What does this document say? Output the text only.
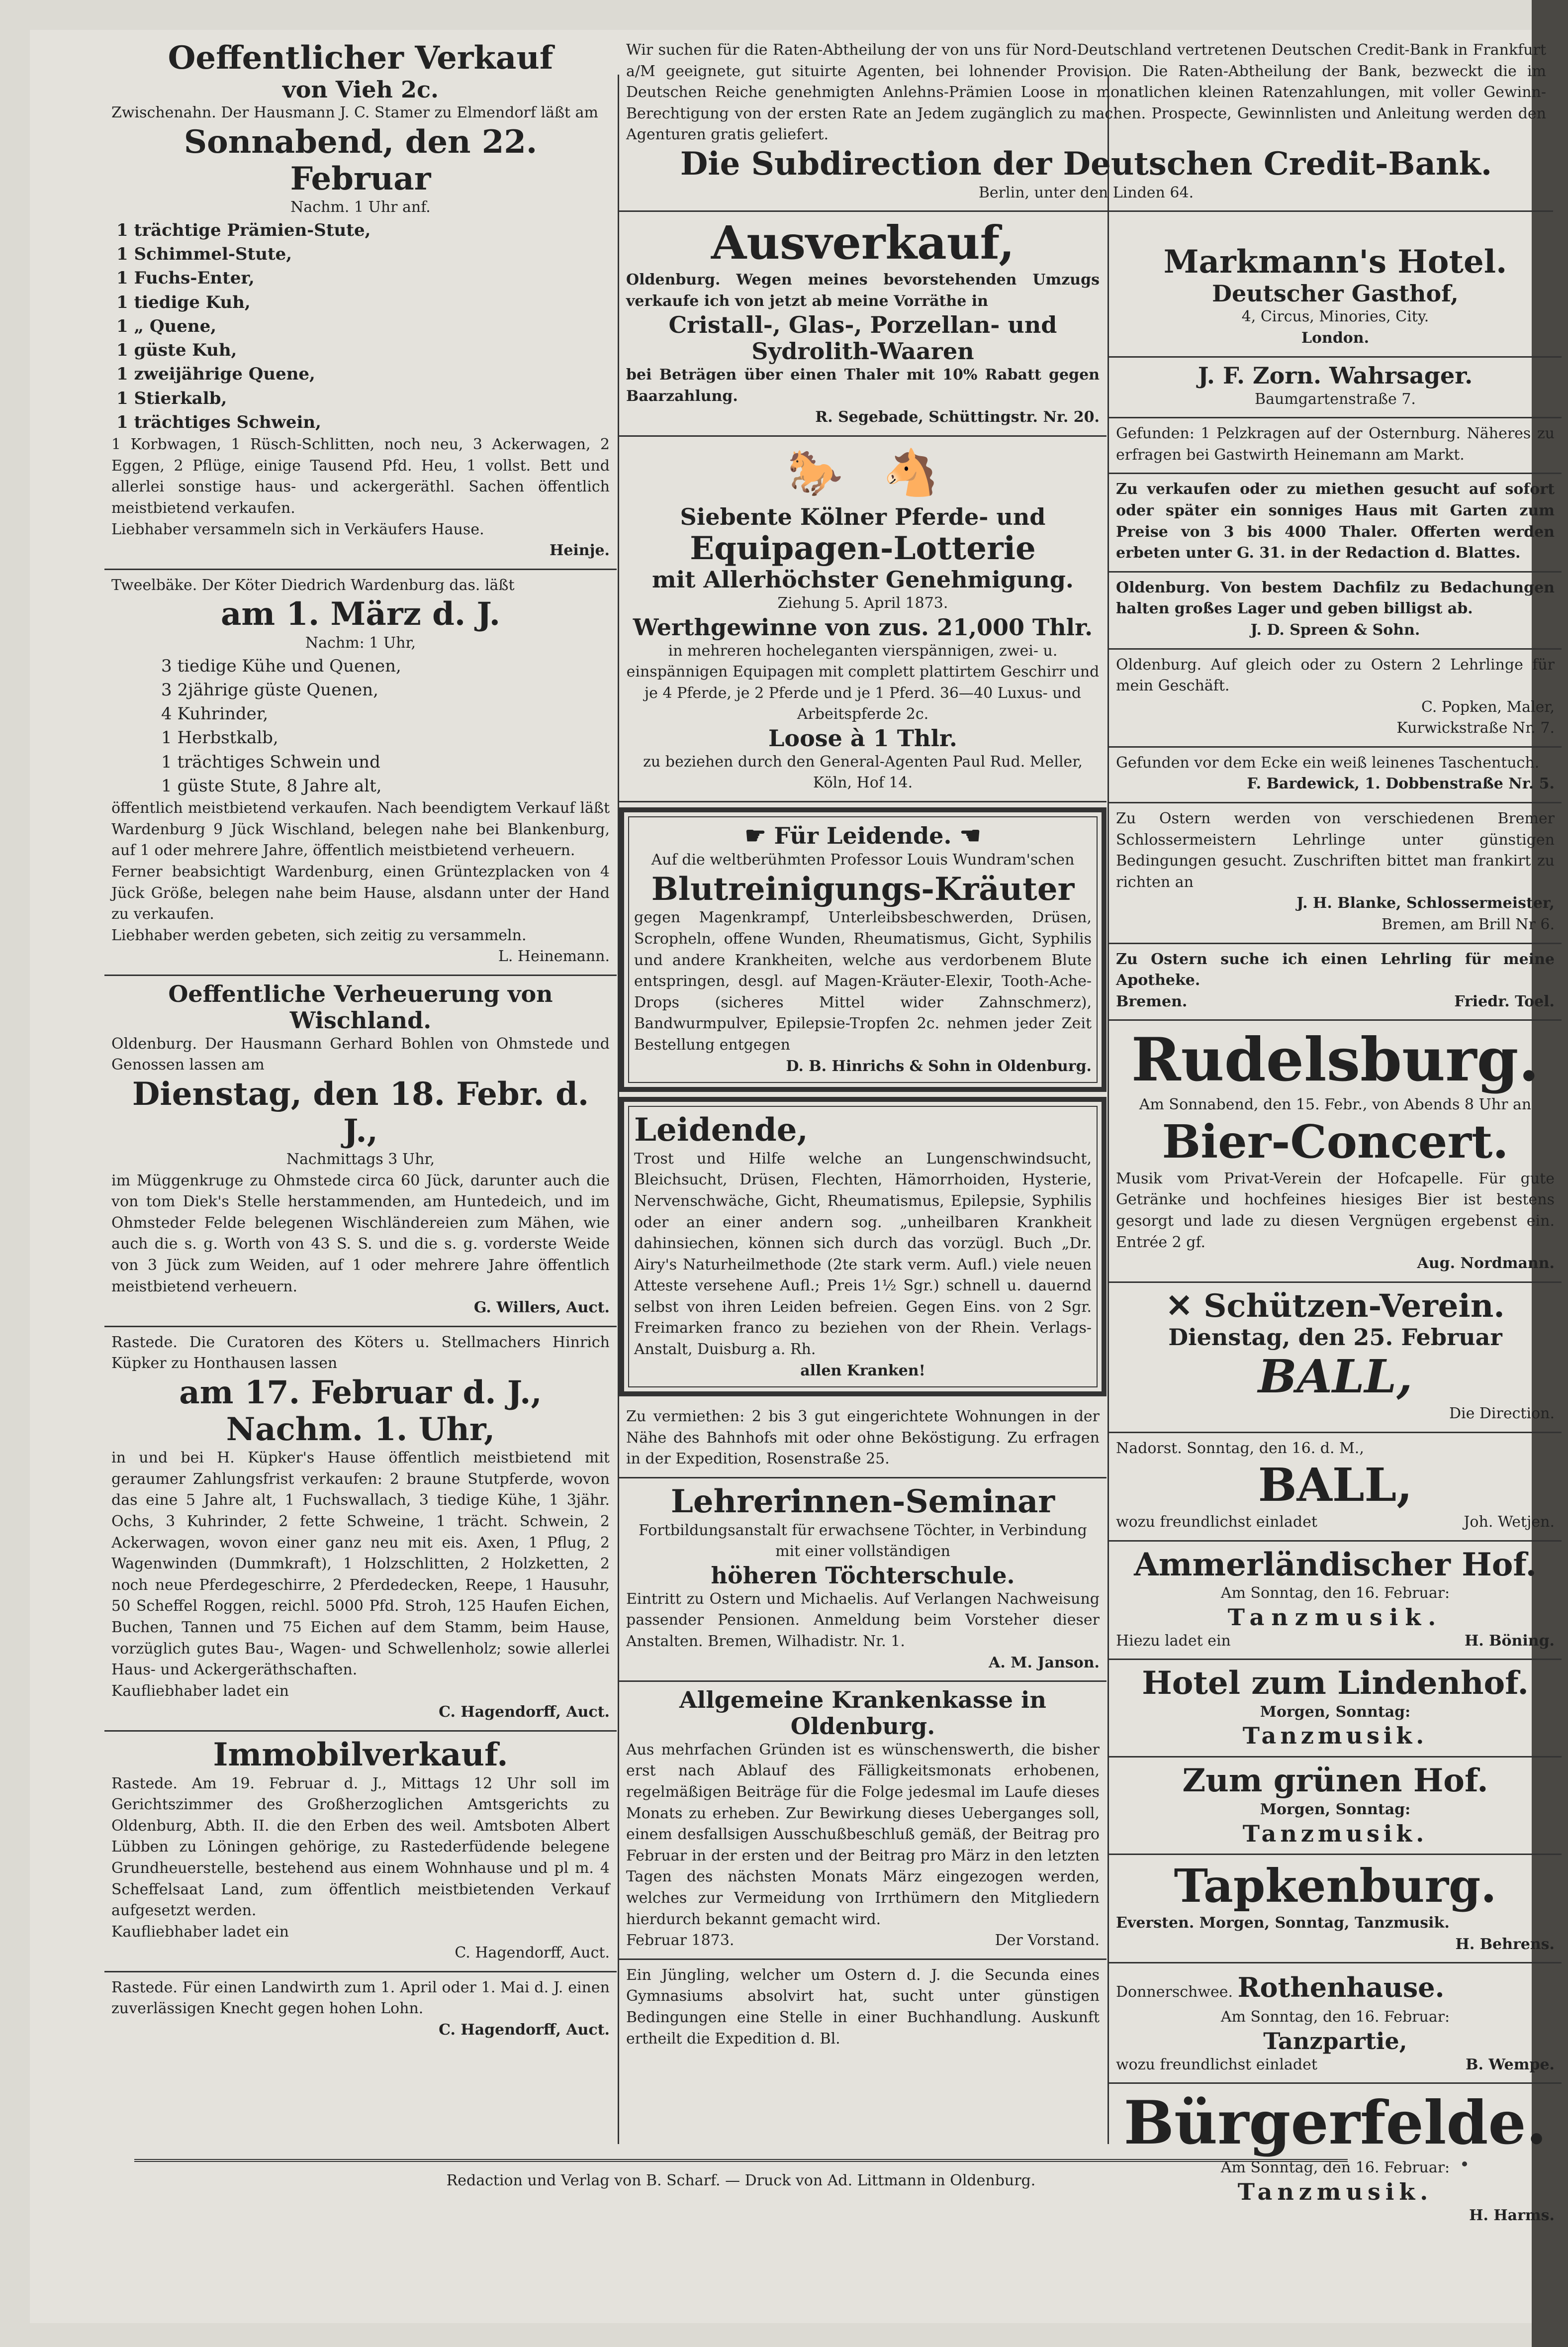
Oeffentlicher Verkauf
von Vieh 2c.
Zwischenahn. Der Hausmann J. C. Stamer zu Elmendorf läßt am
Sonnabend, den 22. Februar
Nachm. 1 Uhr anf.
1 trächtige Prämien-Stute,
1 Schimmel-Stute,
1 Fuchs-Enter,
1 tiedige Kuh,
1 „ Quene,
1 güste Kuh,
1 zweijährige Quene,
1 Stierkalb,
1 trächtiges Schwein,
1 Korbwagen, 1 Rüsch-Schlitten, noch neu, 3 Ackerwagen, 2 Eggen, 2 Pflüge, einige Tausend Pfd. Heu, 1 vollst. Bett und allerlei sonstige haus- und ackergeräthl. Sachen öffentlich meistbietend verkaufen.
Liebhaber versammeln sich in Verkäufers Hause.
Heinje.
Tweelbäke. Der Köter Diedrich Wardenburg das. läßt
am 1. März d. J.
Nachm: 1 Uhr,
3 tiedige Kühe und Quenen,
3 2jährige güste Quenen,
4 Kuhrinder,
1 Herbstkalb,
1 trächtiges Schwein und
1 güste Stute, 8 Jahre alt,
öffentlich meistbietend verkaufen. Nach beendigtem Verkauf läßt Wardenburg 9 Jück Wischland, belegen nahe bei Blankenburg, auf 1 oder mehrere Jahre, öffentlich meistbietend verheuern.
Ferner beabsichtigt Wardenburg, einen Grüntezplacken von 4 Jück Größe, belegen nahe beim Hause, alsdann unter der Hand zu verkaufen.
Liebhaber werden gebeten, sich zeitig zu versammeln.
L. Heinemann.
Oeffentliche Verheuerung von Wischland.
Oldenburg. Der Hausmann Gerhard Bohlen von Ohmstede und Genossen lassen am
Dienstag, den 18. Febr. d. J.,
Nachmittags 3 Uhr,
im Müggenkruge zu Ohmstede circa 60 Jück, darunter auch die von tom Diek's Stelle herstammenden, am Huntedeich, und im Ohmsteder Felde belegenen Wischländereien zum Mähen, wie auch die s. g. Worth von 43 S. S. und die s. g. vorderste Weide von 3 Jück zum Weiden, auf 1 oder mehrere Jahre öffentlich meistbietend verheuern.
G. Willers, Auct.
Rastede. Die Curatoren des Köters u. Stellmachers Hinrich Küpker zu Honthausen lassen
am 17. Februar d. J., Nachm. 1. Uhr,
in und bei H. Küpker's Hause öffentlich meistbietend mit geraumer Zahlungsfrist verkaufen: 2 braune Stutpferde, wovon das eine 5 Jahre alt, 1 Fuchswallach, 3 tiedige Kühe, 1 3jähr. Ochs, 3 Kuhrinder, 2 fette Schweine, 1 trächt. Schwein, 2 Ackerwagen, wovon einer ganz neu mit eis. Axen, 1 Pflug, 2 Wagenwinden (Dummkraft), 1 Holzschlitten, 2 Holzketten, 2 noch neue Pferdegeschirre, 2 Pferdedecken, Reepe, 1 Hausuhr, 50 Scheffel Roggen, reichl. 5000 Pfd. Stroh, 125 Haufen Eichen, Buchen, Tannen und 75 Eichen auf dem Stamm, beim Hause, vorzüglich gutes Bau-, Wagen- und Schwellenholz; sowie allerlei Haus- und Ackergeräthschaften.
Kaufliebhaber ladet ein
C. Hagendorff, Auct.
Immobilverkauf.
Rastede. Am 19. Februar d. J., Mittags 12 Uhr soll im Gerichtszimmer des Großherzoglichen Amtsgerichts zu Oldenburg, Abth. II. die den Erben des weil. Amtsboten Albert Lübben zu Löningen gehörige, zu Rastederfüdende belegene Grundheuerstelle, bestehend aus einem Wohnhause und pl m. 4 Scheffelsaat Land, zum öffentlich meistbietenden Verkauf aufgesetzt werden.
Kaufliebhaber ladet ein
C. Hagendorff, Auct.
Rastede. Für einen Landwirth zum 1. April oder 1. Mai d. J. einen zuverlässigen Knecht gegen hohen Lohn.
C. Hagendorff, Auct.
Wir suchen für die Raten-Abtheilung der von uns für Nord-Deutschland vertretenen Deutschen Credit-Bank in Frankfurt a/M geeignete, gut situirte Agenten, bei lohnender Provision. Die Raten-Abtheilung der Bank, bezweckt die im Deutschen Reiche genehmigten Anlehns-Prämien Loose in monatlichen kleinen Ratenzahlungen, mit voller Gewinn-Berechtigung von der ersten Rate an Jedem zugänglich zu machen. Prospecte, Gewinnlisten und Anleitung werden den Agenturen gratis geliefert.
Die Subdirection der Deutschen Credit-Bank.
Berlin, unter den Linden 64.
Ausverkauf,
Oldenburg. Wegen meines bevorstehenden Umzugs verkaufe ich von jetzt ab meine Vorräthe in
Cristall-, Glas-, Porzellan- und Sydrolith-Waaren
bei Beträgen über einen Thaler mit 10% Rabatt gegen Baarzahlung.
R. Segebade, Schüttingstr. Nr. 20.
🐎 🐴
Siebente Kölner Pferde- und
Equipagen-Lotterie
mit Allerhöchster Genehmigung.
Ziehung 5. April 1873.
Werthgewinne von zus. 21,000 Thlr.
in mehreren hocheleganten vierspännigen, zwei- u. einspännigen Equipagen mit complett plattirtem Geschirr und je 4 Pferde, je 2 Pferde und je 1 Pferd. 36—40 Luxus- und Arbeitspferde 2c.
Loose à 1 Thlr.
zu beziehen durch den General-Agenten Paul Rud. Meller, Köln, Hof 14.
☛ Für Leidende. ☚
Auf die weltberühmten Professor Louis Wundram'schen
Blutreinigungs-Kräuter
gegen Magenkrampf, Unterleibsbeschwerden, Drüsen, Scropheln, offene Wunden, Rheumatismus, Gicht, Syphilis und andere Krankheiten, welche aus verdorbenem Blute entspringen, desgl. auf Magen-Kräuter-Elexir, Tooth-Ache-Drops (sicheres Mittel wider Zahnschmerz), Bandwurmpulver, Epilepsie-Tropfen 2c. nehmen jeder Zeit Bestellung entgegen
D. B. Hinrichs & Sohn in Oldenburg.
Leidende,
Trost und Hilfe welche an Lungenschwindsucht, Bleichsucht, Drüsen, Flechten, Hämorrhoiden, Hysterie, Nervenschwäche, Gicht, Rheumatismus, Epilepsie, Syphilis oder an einer andern sog. „unheilbaren Krankheit dahinsiechen, können sich durch das vorzügl. Buch „Dr. Airy's Naturheilmethode (2te stark verm. Aufl.) viele neuen Atteste versehene Aufl.; Preis 1½ Sgr.) schnell u. dauernd selbst von ihren Leiden befreien. Gegen Eins. von 2 Sgr. Freimarken franco zu beziehen von der Rhein. Verlags-Anstalt, Duisburg a. Rh.
allen Kranken!
Zu vermiethen: 2 bis 3 gut eingerichtete Wohnungen in der Nähe des Bahnhofs mit oder ohne Beköstigung. Zu erfragen in der Expedition, Rosenstraße 25.
Lehrerinnen-Seminar
Fortbildungsanstalt für erwachsene Töchter, in Verbindung mit einer vollständigen
höheren Töchterschule.
Eintritt zu Ostern und Michaelis. Auf Verlangen Nachweisung passender Pensionen. Anmeldung beim Vorsteher dieser Anstalten. Bremen, Wilhadistr. Nr. 1.
A. M. Janson.
Allgemeine Krankenkasse in Oldenburg.
Aus mehrfachen Gründen ist es wünschenswerth, die bisher erst nach Ablauf des Fälligkeitsmonats erhobenen, regelmäßigen Beiträge für die Folge jedesmal im Laufe dieses Monats zu erheben. Zur Bewirkung dieses Ueberganges soll, einem desfallsigen Ausschußbeschluß gemäß, der Beitrag pro Februar in der ersten und der Beitrag pro März in den letzten Tagen des nächsten Monats März eingezogen werden, welches zur Vermeidung von Irrthümern den Mitgliedern hierdurch bekannt gemacht wird.
Februar 1873.	Der Vorstand.
Ein Jüngling, welcher um Ostern d. J. die Secunda eines Gymnasiums absolvirt hat, sucht unter günstigen Bedingungen eine Stelle in einer Buchhandlung. Auskunft ertheilt die Expedition d. Bl.
Markmann's Hotel.
Deutscher Gasthof,
4, Circus, Minories, City.
London.
J. F. Zorn. Wahrsager.
Baumgartenstraße 7.
Gefunden: 1 Pelzkragen auf der Osternburg. Näheres zu erfragen bei Gastwirth Heinemann am Markt.
Zu verkaufen oder zu miethen gesucht auf sofort oder später ein sonniges Haus mit Garten zum Preise von 3 bis 4000 Thaler. Offerten werden erbeten unter G. 31. in der Redaction d. Blattes.
Oldenburg. Von bestem Dachfilz zu Bedachungen halten großes Lager und geben billigst ab.
J. D. Spreen & Sohn.
Oldenburg. Auf gleich oder zu Ostern 2 Lehrlinge für mein Geschäft.
C. Popken, Maler,
Kurwickstraße Nr. 7.
Gefunden vor dem Ecke ein weiß leinenes Taschentuch.
F. Bardewick, 1. Dobbenstraße Nr. 5.
Zu Ostern werden von verschiedenen Bremer Schlossermeistern Lehrlinge unter günstigen Bedingungen gesucht. Zuschriften bittet man frankirt zu richten an
J. H. Blanke, Schlossermeister,
Bremen, am Brill Nr 6.
Zu Ostern suche ich einen Lehrling für meine Apotheke.
Bremen.	Friedr. Toel.
Rudelsburg.
Am Sonnabend, den 15. Febr., von Abends 8 Uhr an
Bier-Concert.
Musik vom Privat-Verein der Hofcapelle. Für gute Getränke und hochfeines hiesiges Bier ist bestens gesorgt und lade zu diesen Vergnügen ergebenst ein. Entrée 2 gf.
Aug. Nordmann.
✕ Schützen-Verein.
Dienstag, den 25. Februar
BALL,
Die Direction.
Nadorst. Sonntag, den 16. d. M.,
BALL,
wozu freundlichst einladet	Joh. Wetjen.
Ammerländischer Hof.
Am Sonntag, den 16. Februar:
Tanzmusik.
Hiezu ladet ein	H. Böning.
Hotel zum Lindenhof.
Morgen, Sonntag:
Tanzmusik.
Zum grünen Hof.
Morgen, Sonntag:
Tanzmusik.
Tapkenburg.
Eversten. Morgen, Sonntag, Tanzmusik.
H. Behrens.
Donnerschwee. Rothenhause.
Am Sonntag, den 16. Februar:
Tanzpartie,
wozu freundlichst einladet	B. Wempe.
Bürgerfelde.
Am Sonntag, den 16. Februar:
Tanzmusik.
H. Harms.
Redaction und Verlag von B. Scharf. — Druck von Ad. Littmann in Oldenburg.
